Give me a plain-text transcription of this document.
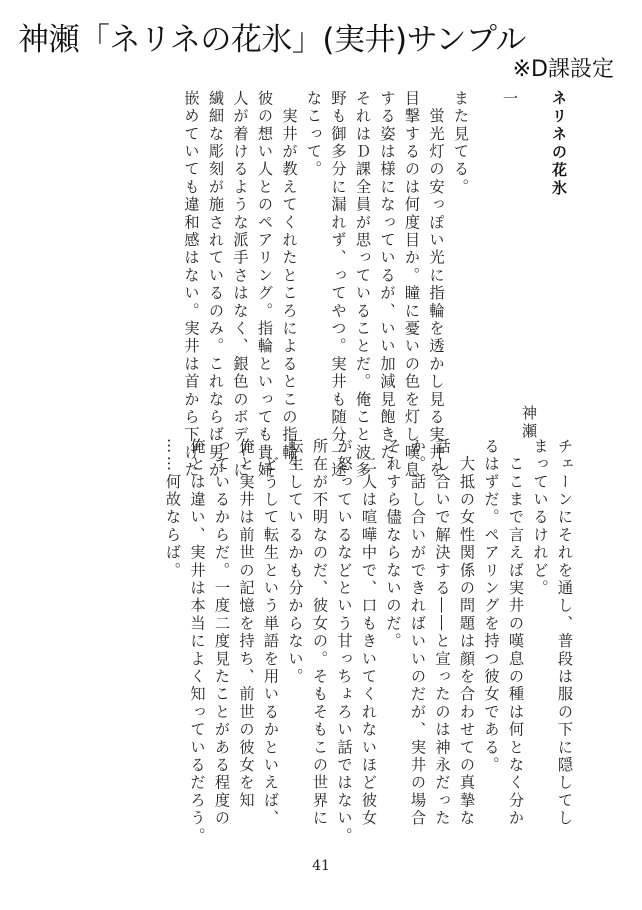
神瀬「ネリネの花氷」(実井)サンプル
※D課設定
ネリネの花氷
神瀬
一

また見てる。
　蛍光灯の安っぽい光に指輪を透かし見る実井を
目撃するのは何度目か。瞳に憂いの色を灯し嘆息
する姿は様になっているが、いい加減見飽きた。
それはＤ課全員が思っていることだ。俺こと波多
野も御多分に漏れず、ってやつ。実井も随分一途
なこって。
　実井が教えてくれたところによるとこの指輪、
彼の想い人とのペアリング。指輪といっても貴婦
人が着けるような派手さはなく、銀色のボディに
繊細な彫刻が施されているのみ。これならば男が
嵌めていても違和感はない。実井は首から下げた
チェーンにそれを通し、普段は服の下に隠してし
まっているけれど。
　ここまで言えば実井の嘆息の種は何となく分か
るはずだ。ペアリングを持つ彼女である。
　大抵の女性関係の問題は顔を合わせての真摯な
話し合いで解決する――と宣ったのは神永だった
か。話し合いができればいいのだが、実井の場合
それすら儘ならないのだ。
　二人は喧嘩中で、口もきいてくれないほど彼女
が怒っているなどという甘っちょろい話ではない。
所在が不明なのだ、彼女の。そもそもこの世界に
転生しているかも分からない。
　どうして転生という単語を用いるかといえば、
俺と実井は前世の記憶を持ち、前世の彼女を知
っているからだ。一度二度見たことがある程度の
俺とは違い、実井は本当によく知っているだろう。
……何故ならば。
41
